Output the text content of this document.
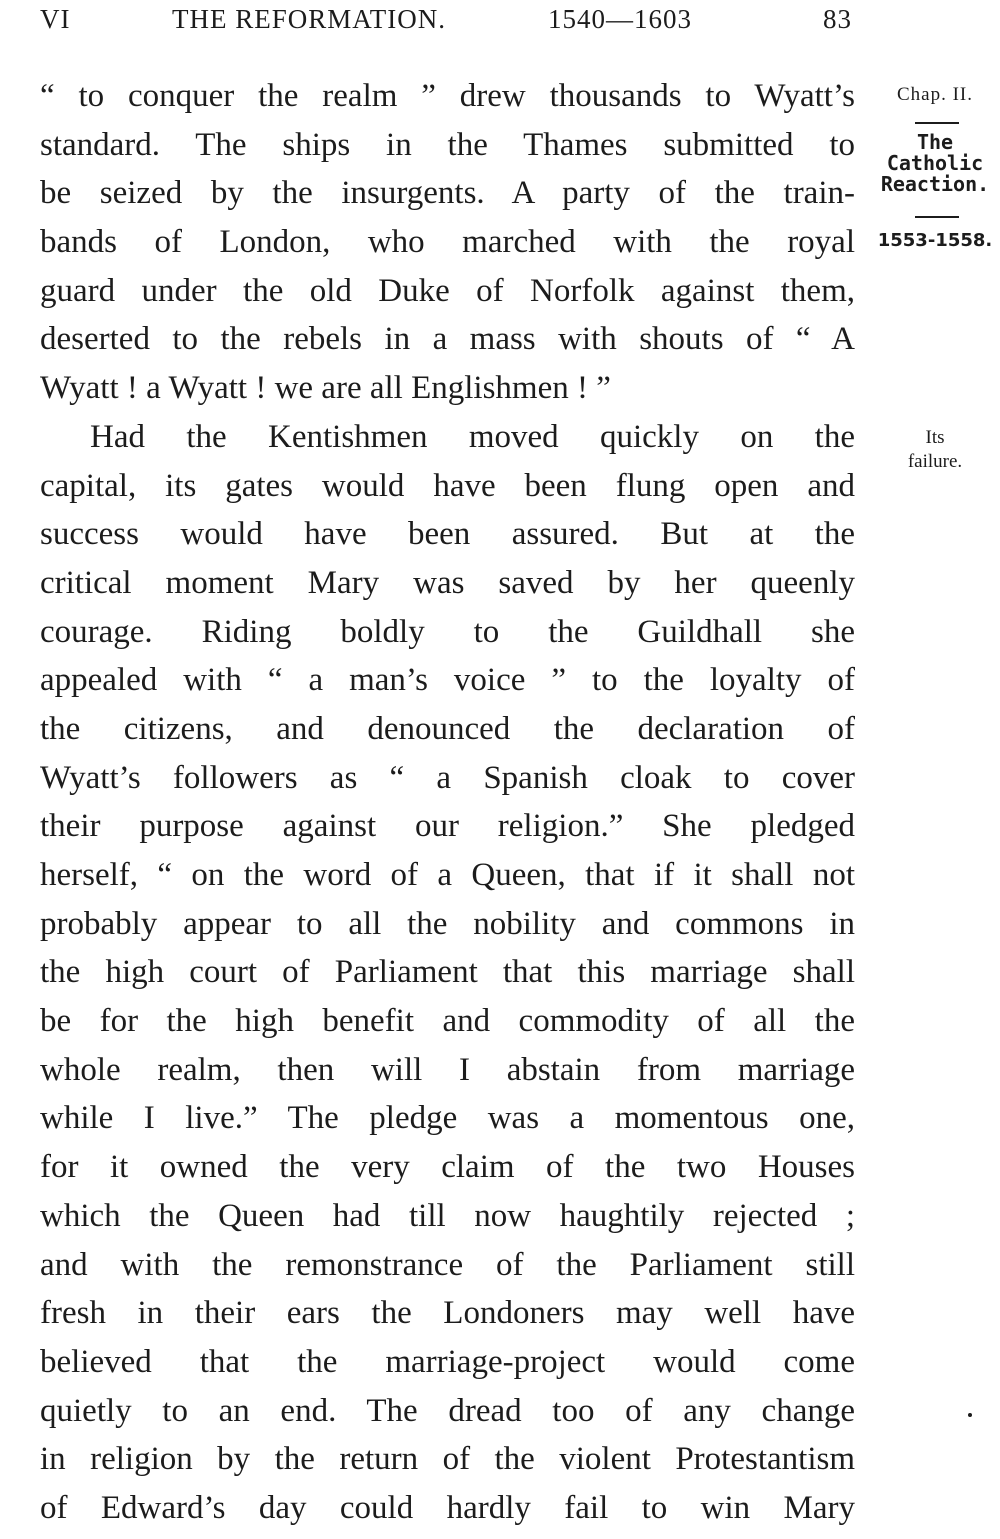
VI	THE REFORMATION.	1540—1603	83
“ to conquer the realm ” drew thousands to Wyatt’s
standard. The ships in the Thames submitted to
be seized by the insurgents. A party of the train-
bands of London, who marched with the royal
guard under the old Duke of Norfolk against them,
deserted to the rebels in a mass with shouts of “ A
Wyatt ! a Wyatt ! we are all Englishmen ! ”
Had the Kentishmen moved quickly on the
capital, its gates would have been flung open and
success would have been assured. But at the
critical moment Mary was saved by her queenly
courage. Riding boldly to the Guildhall she
appealed with “ a man’s voice ” to the loyalty of
the citizens, and denounced the declaration of
Wyatt’s followers as “ a Spanish cloak to cover
their purpose against our religion.” She pledged
herself, “ on the word of a Queen, that if it shall not
probably appear to all the nobility and commons in
the high court of Parliament that this marriage shall
be for the high benefit and commodity of all the
whole realm, then will I abstain from marriage
while I live.” The pledge was a momentous one,
for it owned the very claim of the two Houses
which the Queen had till now haughtily rejected ;
and with the remonstrance of the Parliament still
fresh in their ears the Londoners may well have
believed that the marriage-project would come
quietly to an end. The dread too of any change
in religion by the return of the violent Protestantism
of Edward’s day could hardly fail to win Mary
Chap. II.
The
Catholic
Reaction.
1553-1558.
Its
failure.
